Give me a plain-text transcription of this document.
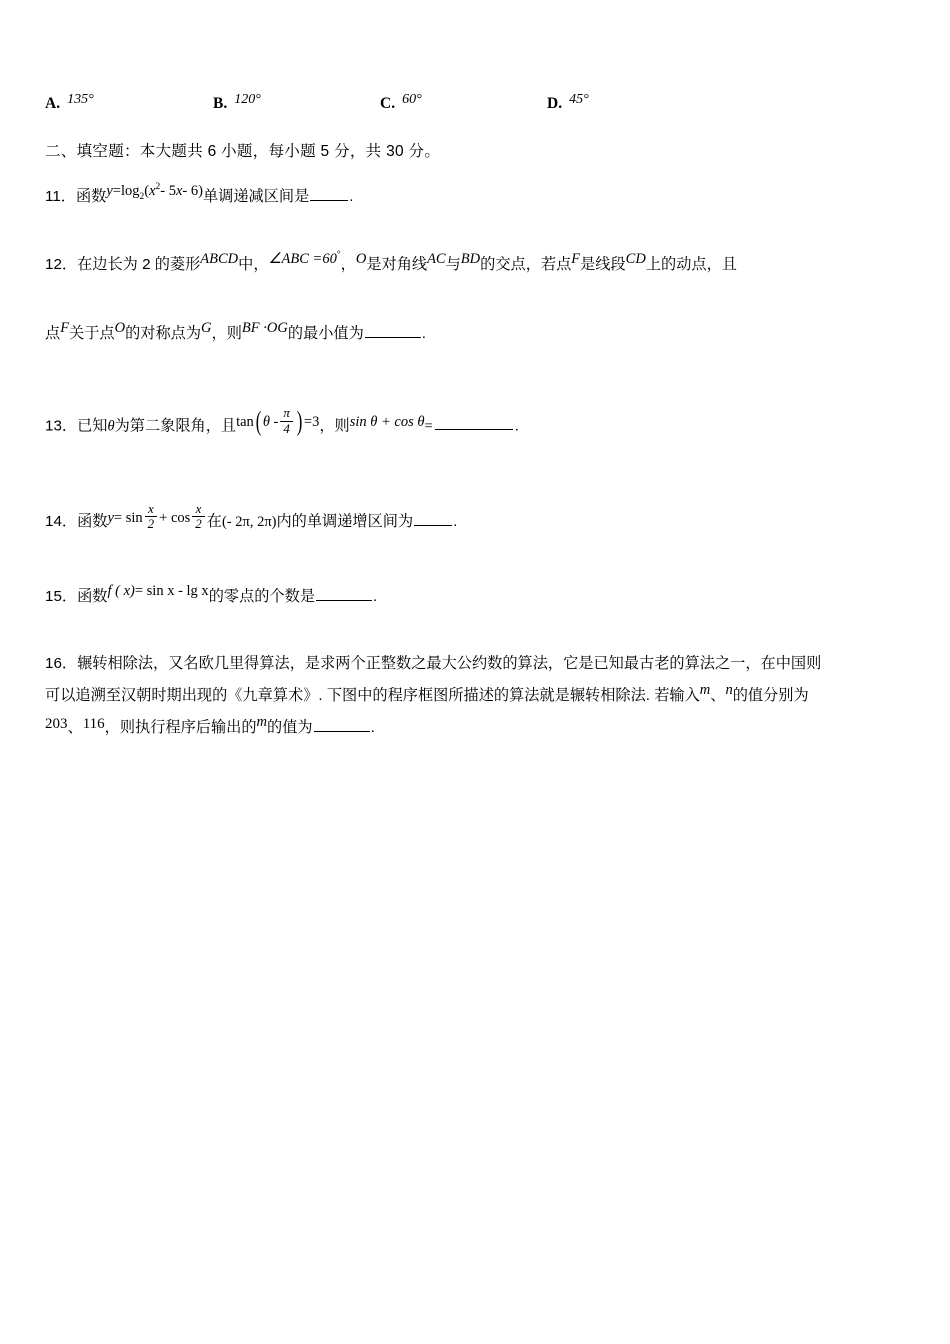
A. 135°	B. 120°	C. 60°	D. 45°
二、填空题：本大题共 6 小题，每小题 5 分，共 30 分。
11．函数$y=\log_2(x^2-$ 5x- 6)单调递减区间是	.
12．在边长为 2 的菱形ABCD中，∠ABC =60°，O是对角线AC与BD的交点，若点F是线段CD上的动点，且
点F关于点O的对称点为G，则BF ·OG的最小值为	.
13．已知θ为第二象限角，且tan( θ - $\frac{\pi}{4}$ ) =3，则sin θ + cos θ=	.
14．函数$y= \sin \frac{x}{2} + \cos \frac{x}{2}$ 在(- 2π, 2π)内的单调递增区间为	.
15．函数f ( x)= sin x - lg x的零点的个数是	.
16．辗转相除法，又名欧几里得算法，是求两个正整数之最大公约数的算法，它是已知最古老的算法之一，在中国则
可以追溯至汉朝时期出现的《九章算术》. 下图中的程序框图所描述的算法就是辗转相除法. 若输入m、n的值分别为
203、116，则执行程序后输出的m的值为	.
